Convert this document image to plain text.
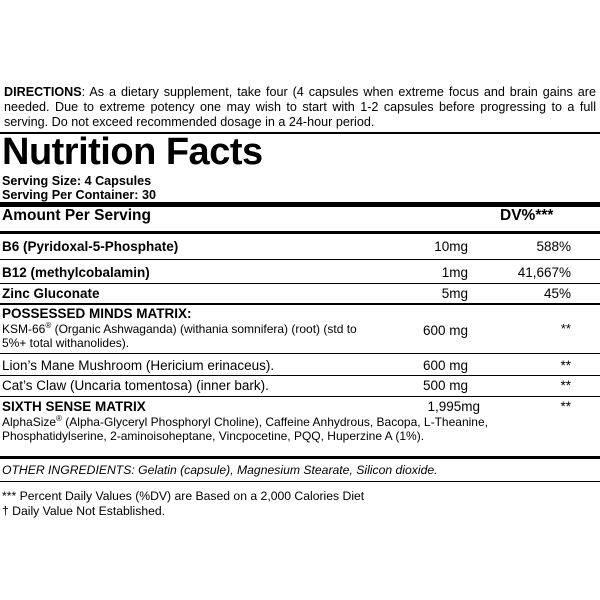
DIRECTIONS: As a dietary supplement, take four (4 capsules when extreme focus and brain gains are needed. Due to extreme potency one may wish to start with 1-2 capsules before progressing to a full serving. Do not exceed recommended dosage in a 24-hour period.
Nutrition Facts
Serving Size: 4 Capsules
Serving Per Container: 30
Amount Per Serving	DV%***
B6 (Pyridoxal-5-Phosphate)	10mg	588%
B12 (methylcobalamin)	1mg	41,667%
Zinc Gluconate	5mg	45%
POSSESSED MINDS MATRIX:
KSM-66® (Organic Ashwaganda) (withania somnifera) (root) (std to
5%+ total withanolides).
600 mg	**
Lion’s Mane Mushroom (Hericium erinaceus).	600 mg	**
Cat’s Claw (Uncaria tomentosa) (inner bark).	500 mg	**
SIXTH SENSE MATRIX	1,995mg	**
AlphaSize® (Alpha-Glyceryl Phosphoryl Choline), Caffeine Anhydrous, Bacopa, L-Theanine,
Phosphatidylserine, 2-aminoisoheptane, Vincpocetine, PQQ, Huperzine A (1%).
OTHER INGREDIENTS: Gelatin (capsule), Magnesium Stearate, Silicon dioxide.
*** Percent Daily Values (%DV) are Based on a 2,000 Calories Diet
† Daily Value Not Established.
